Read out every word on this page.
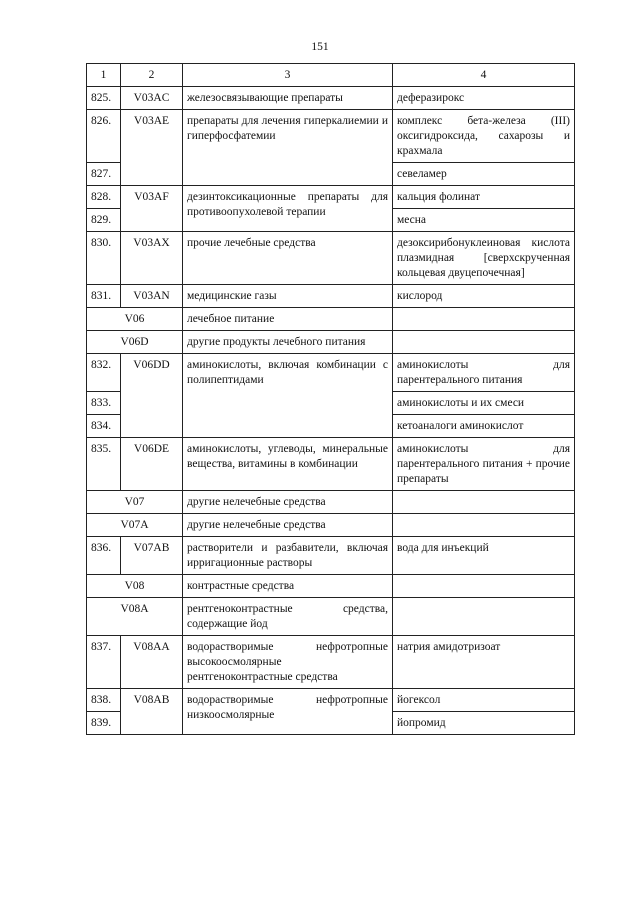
151
1	2	3	4
825.	V03AC	железосвязывающие препараты	деферазирокс
826.	V03AE	препараты для лечения гиперкалиемии и гиперфосфатемии	комплекс бета-железа (III) оксигидроксида, сахарозы и крахмала
827.			севеламер
828.	V03AF	дезинтоксикационные препараты для противоопухолевой терапии	кальция фолинат
829.			месна
830.	V03AX	прочие лечебные средства	дезоксирибонуклеиновая кислота плазмидная [сверхскрученная кольцевая двуцепочечная]
831.	V03AN	медицинские газы	кислород
V06		лечебное питание	
V06D		другие продукты лечебного питания	
832.	V06DD	аминокислоты, включая комбинации с полипептидами	аминокислоты для парентерального питания
833.			аминокислоты и их смеси
834.			кетоаналоги аминокислот
835.	V06DE	аминокислоты, углеводы, минеральные вещества, витамины в комбинации	аминокислоты для парентерального питания + прочие препараты
V07		другие нелечебные средства	
V07A		другие нелечебные средства	
836.	V07AB	растворители и разбавители, включая ирригационные растворы	вода для инъекций
V08		контрастные средства	
V08A		рентгеноконтрастные средства, содержащие йод	
837.	V08AA	водорастворимые нефротропные высокоосмолярные рентгеноконтрастные средства	натрия амидотризоат
838.	V08AB	водорастворимые нефротропные низкоосмолярные	йогексол
839.			йопромид
